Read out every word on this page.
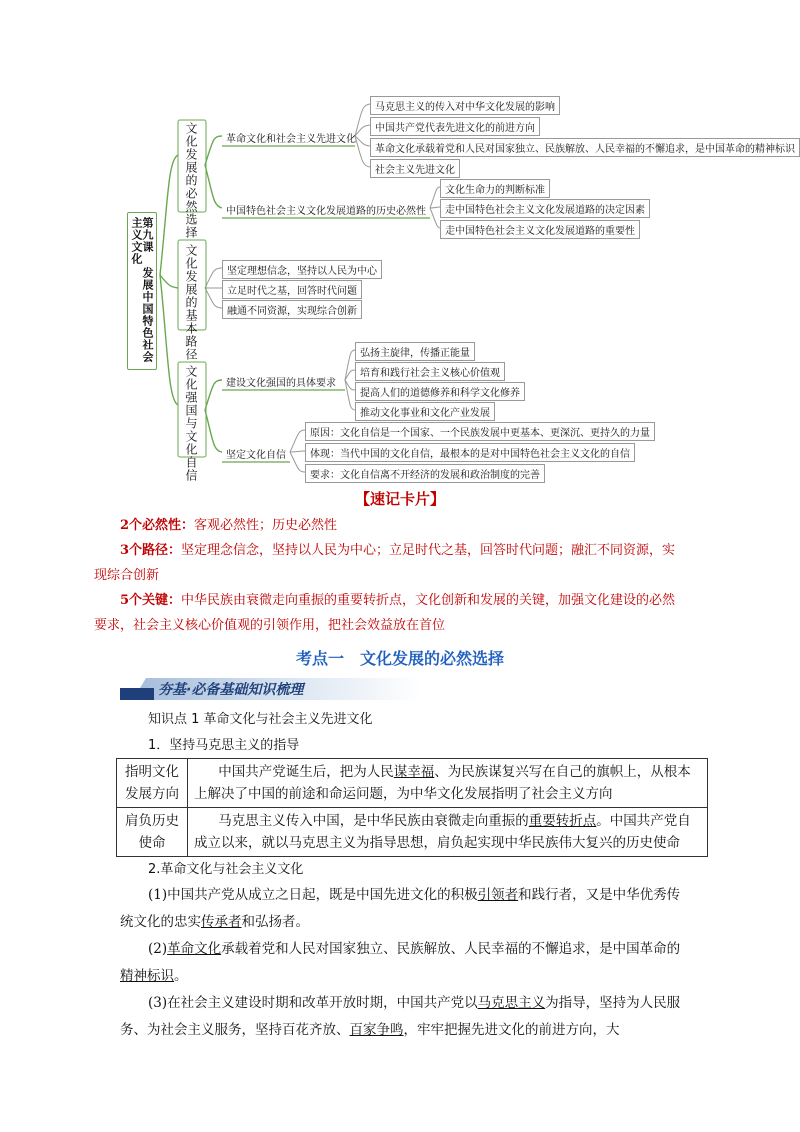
第九课 发展中国特色社会主义文化
文化发展的必然选择
文化发展的基本路径
文化强国与文化自信
革命文化和社会主义先进文化
中国特色社会主义文化发展道路的历史必然性
建设文化强国的具体要求
坚定文化自信
马克思主义的传入对中华文化发展的影响
中国共产党代表先进文化的前进方向
革命文化承载着党和人民对国家独立、民族解放、人民幸福的不懈追求，是中国革命的精神标识
社会主义先进文化
文化生命力的判断标准
走中国特色社会主义文化发展道路的决定因素
走中国特色社会主义文化发展道路的重要性
坚定理想信念，坚持以人民为中心
立足时代之基，回答时代问题
融通不同资源，实现综合创新
弘扬主旋律，传播正能量
培育和践行社会主义核心价值观
提高人们的道德修养和科学文化修养
推动文化事业和文化产业发展
原因：文化自信是一个国家、一个民族发展中更基本、更深沉、更持久的力量
体现：当代中国的文化自信，最根本的是对中国特色社会主义文化的自信
要求：文化自信离不开经济的发展和政治制度的完善
【速记卡片】
2个必然性：客观必然性；历史必然性
3个路径：坚定理念信念，坚持以人民为中心；立足时代之基，回答时代问题；融汇不同资源，实现综合创新
5个关键：中华民族由衰微走向重振的重要转折点，文化创新和发展的关键，加强文化建设的必然要求，社会主义核心价值观的引领作用，把社会效益放在首位
考点一　文化发展的必然选择
夯基·必备基础知识梳理
知识点 1 革命文化与社会主义先进文化
1．坚持马克思主义的指导
指明文化发展方向	中国共产党诞生后，把为人民谋幸福、为民族谋复兴写在自己的旗帜上，从根本上解决了中国的前途和命运问题，为中华文化发展指明了社会主义方向
肩负历史使命	马克思主义传入中国，是中华民族由衰微走向重振的重要转折点。中国共产党自成立以来，就以马克思主义为指导思想，肩负起实现中华民族伟大复兴的历史使命
2.革命文化与社会主义文化

(1)中国共产党从成立之日起，既是中国先进文化的积极引领者和践行者，又是中华优秀传统文化的忠实传承者和弘扬者。

(2)革命文化承载着党和人民对国家独立、民族解放、人民幸福的不懈追求，是中国革命的精神标识。

(3)在社会主义建设时期和改革开放时期，中国共产党以马克思主义为指导，坚持为人民服务、为社会主义服务，坚持百花齐放、百家争鸣，牢牢把握先进文化的前进方向，大
